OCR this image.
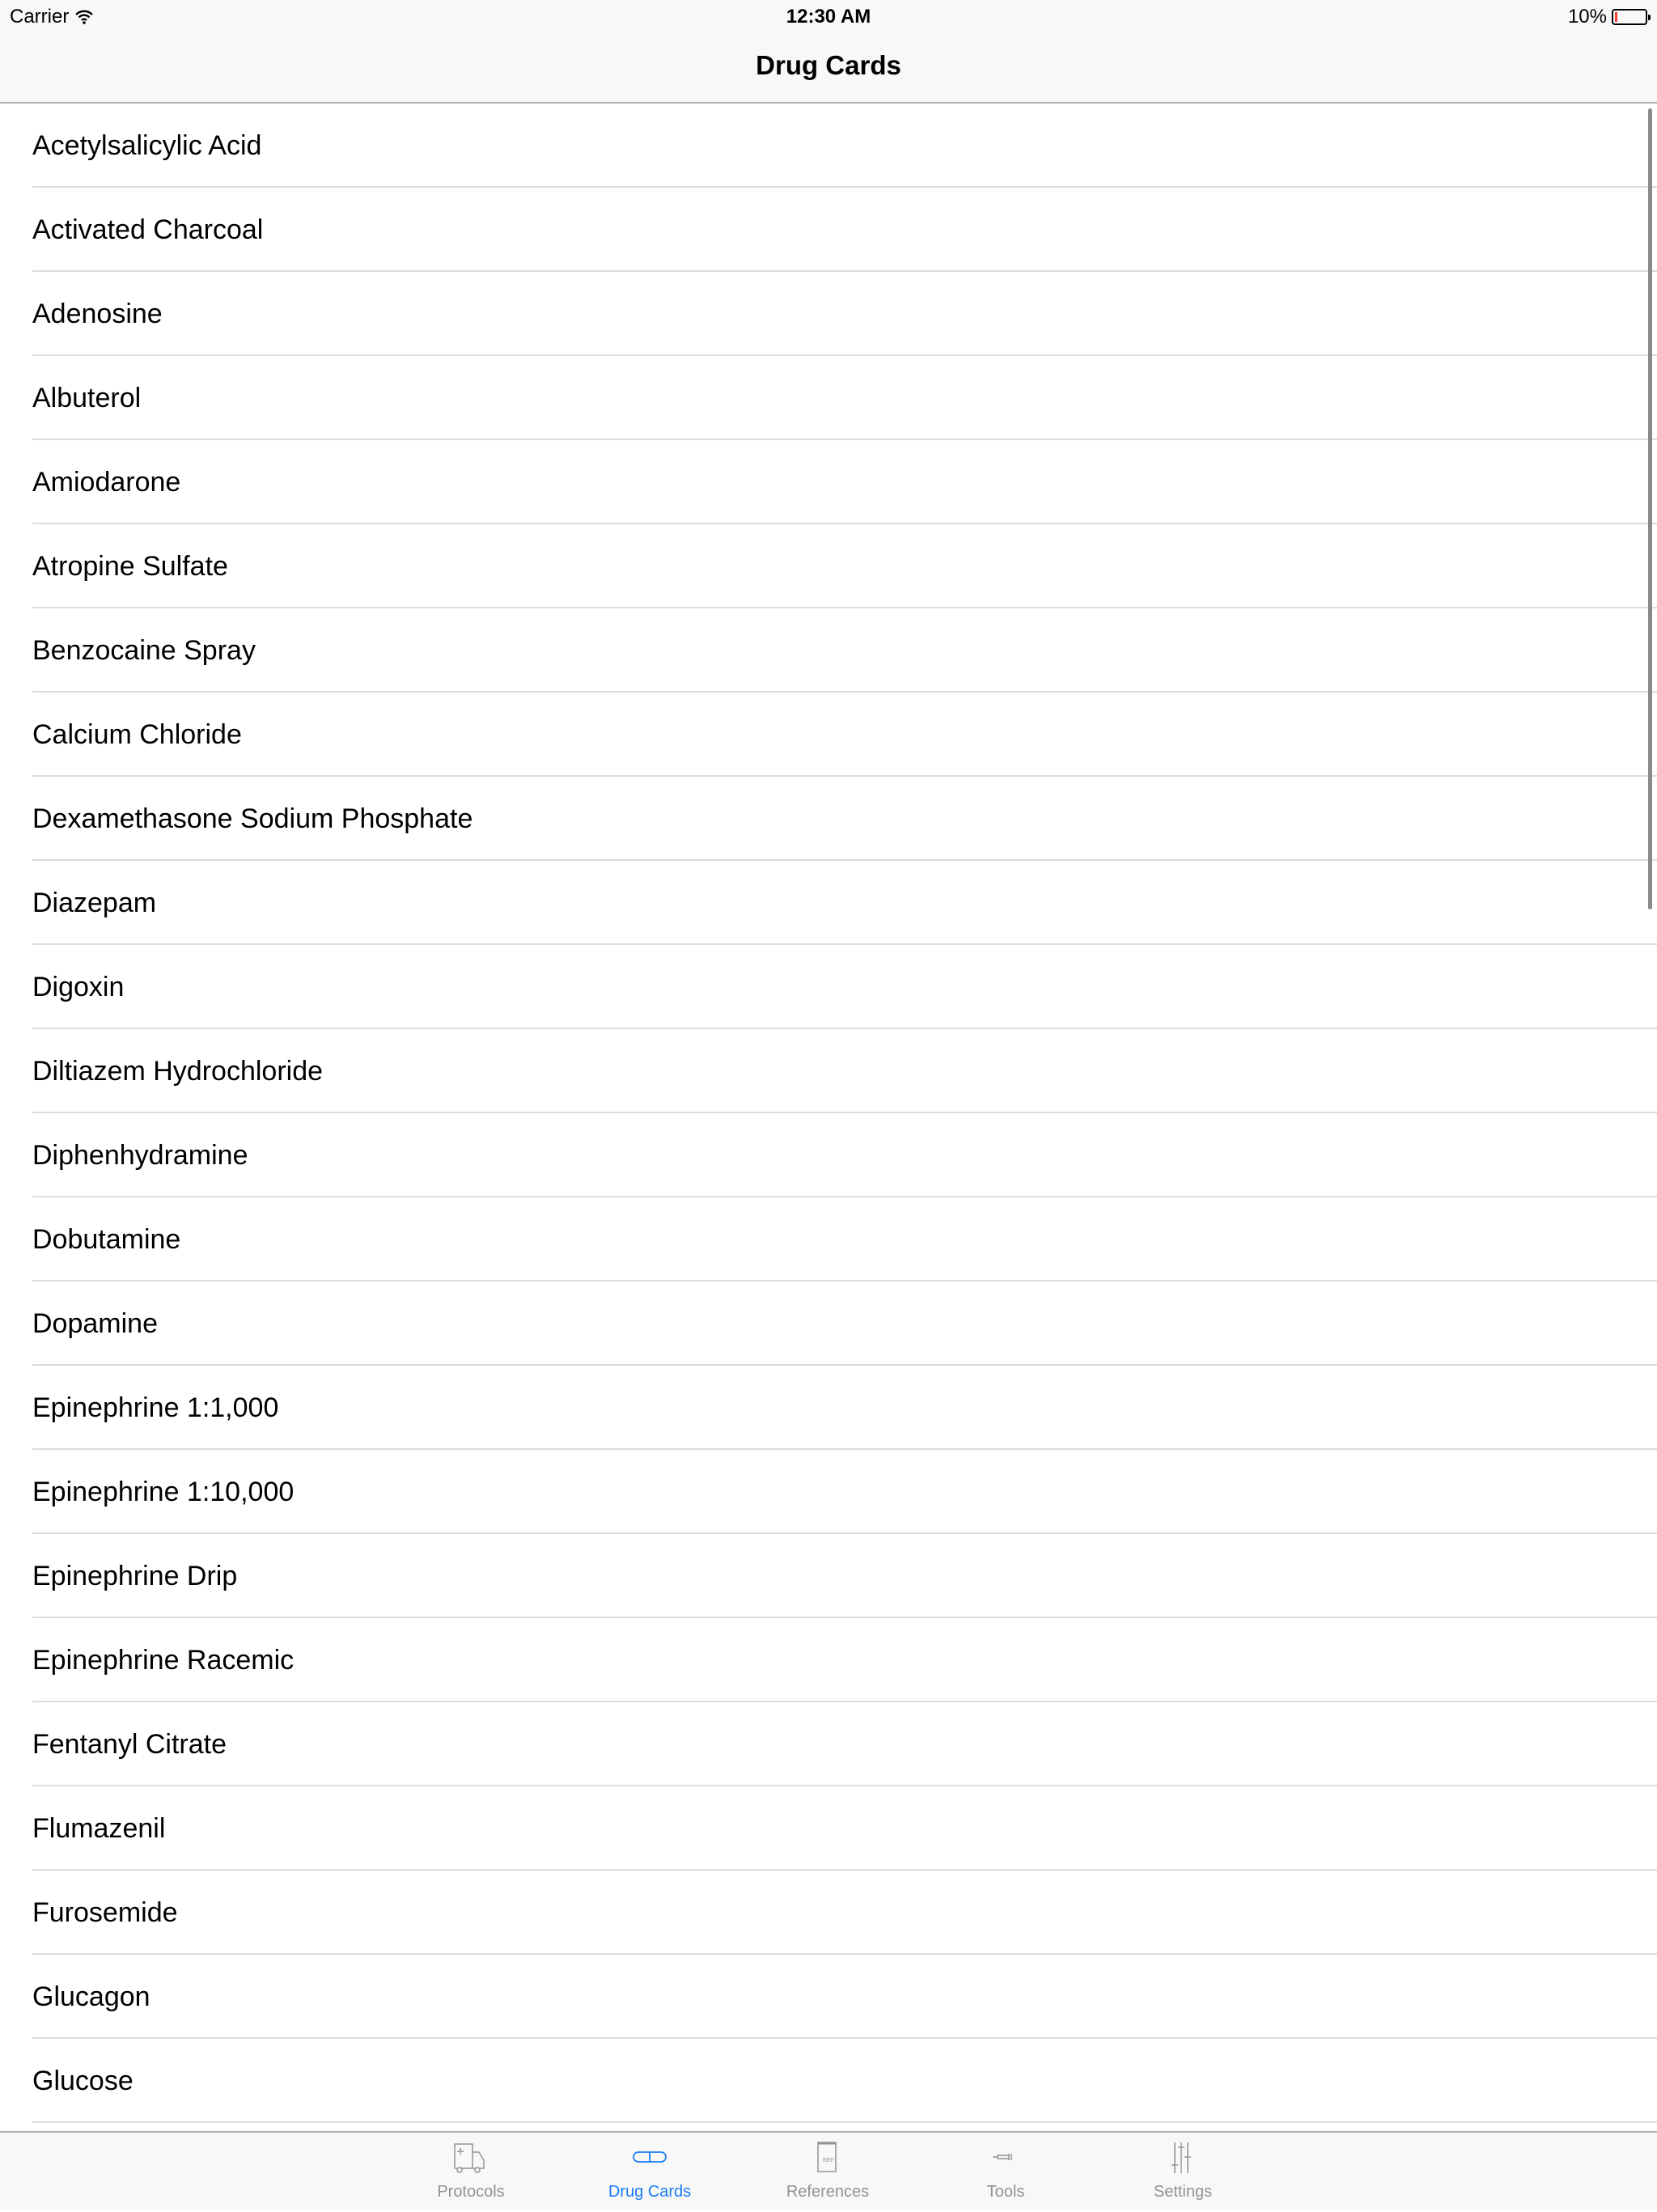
Carrier	12:30 AM	10%
Drug Cards
Acetylsalicylic Acid
Activated Charcoal
Adenosine
Albuterol
Amiodarone
Atropine Sulfate
Benzocaine Spray
Calcium Chloride
Dexamethasone Sodium Phosphate
Diazepam
Digoxin
Diltiazem Hydrochloride
Diphenhydramine
Dobutamine
Dopamine
Epinephrine 1:1,000
Epinephrine 1:10,000
Epinephrine Drip
Epinephrine Racemic
Fentanyl Citrate
Flumazenil
Furosemide
Glucagon
Glucose
Protocols	Drug Cards
REF
References	Tools	Settings
